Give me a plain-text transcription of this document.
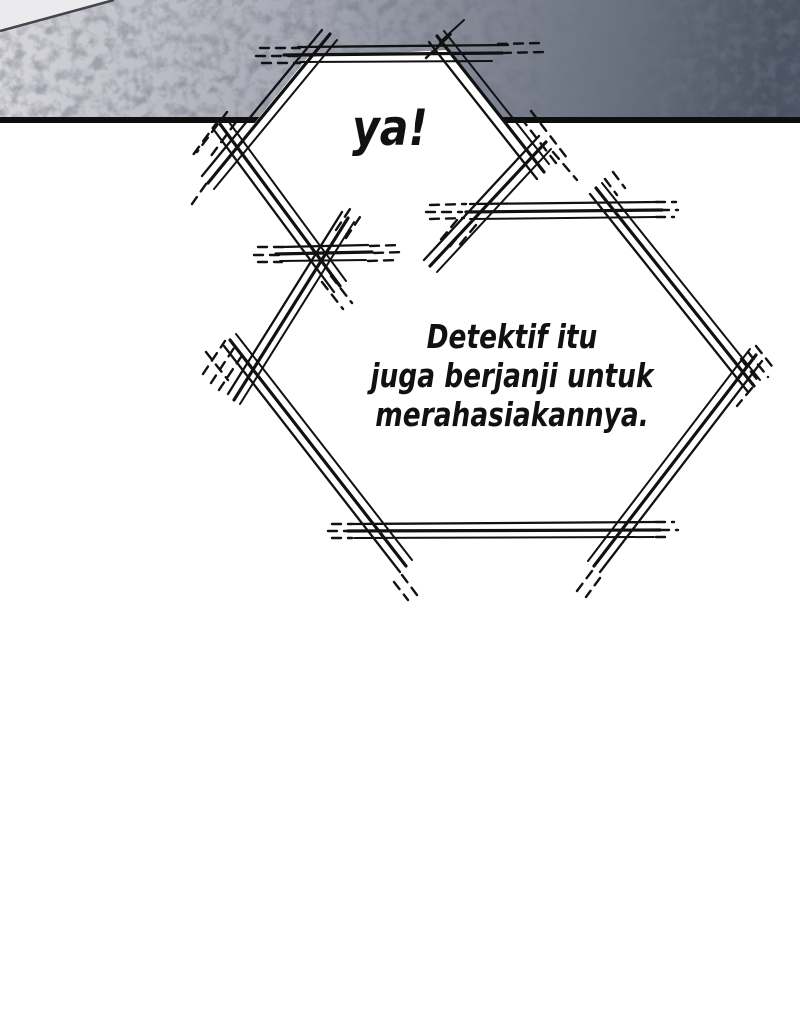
ya!
Detektif itu
juga berjanji untuk
merahasiakannya.
